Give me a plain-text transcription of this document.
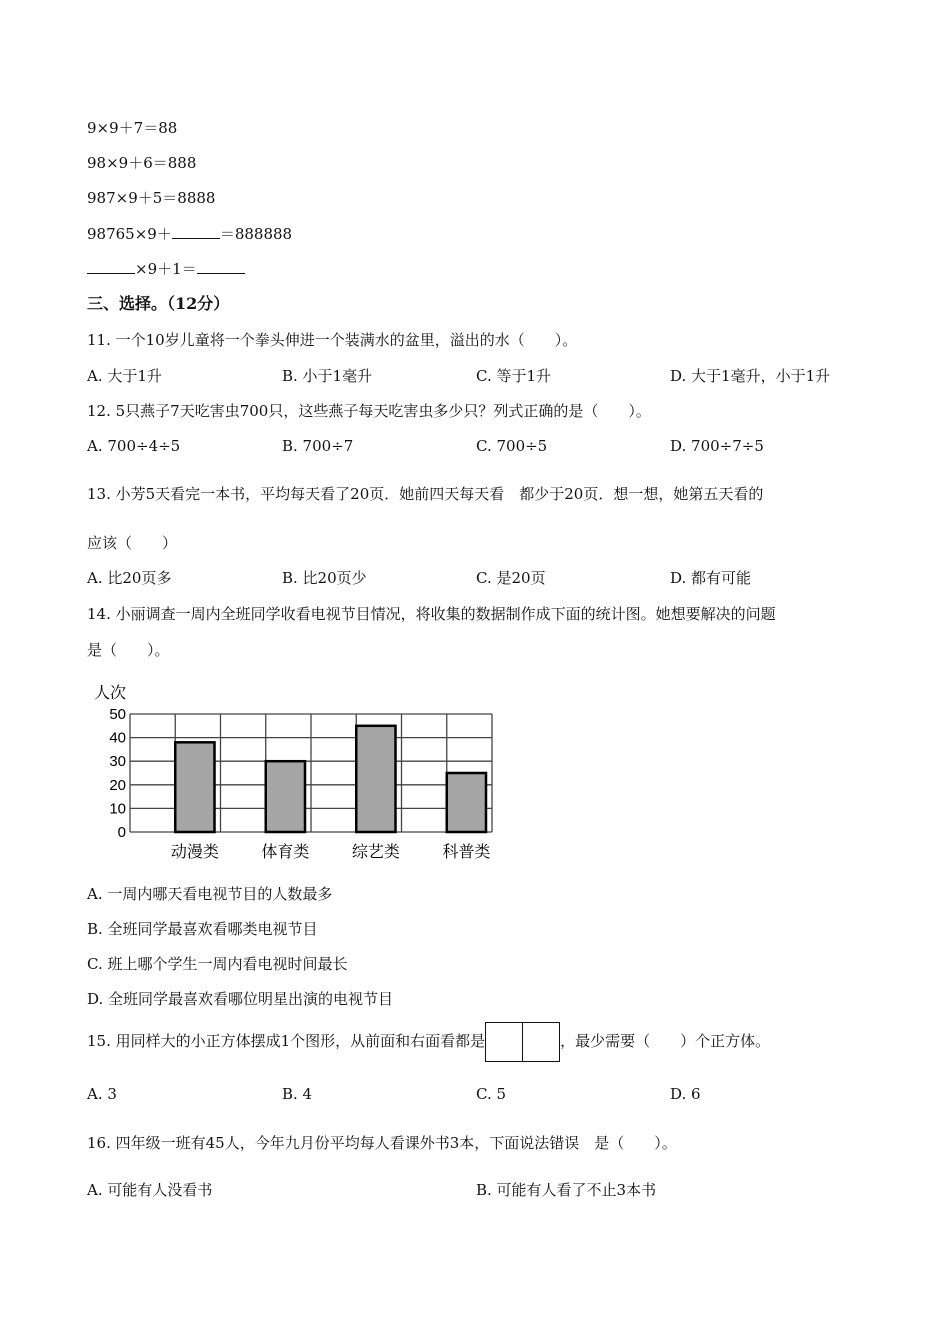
9×9＋7＝88
98×9＋6＝888
987×9＋5＝8888
98765×9＋	＝888888
×9＋1＝
三、选择。（12分）
11. 一个10岁儿童将一个拳头伸进一个装满水的盆里，溢出的水（　　）。
A. 大于1升	B. 小于1毫升	C. 等于1升	D. 大于1毫升，小于1升
12. 5只燕子7天吃害虫700只，这些燕子每天吃害虫多少只？列式正确的是（　　）。
A. 700÷4÷5	B. 700÷7	C. 700÷5	D. 700÷7÷5
13. 小芳5天看完一本书，平均每天看了20页．她前四天每天看　都少于20页．想一想，她第五天看的
应该（　　）
A. 比20页多	B. 比20页少	C. 是20页	D. 都有可能
14. 小丽调查一周内全班同学收看电视节目情况，将收集的数据制作成下面的统计图。她想要解决的问题
是（　　）。
人次
0
10
20
30
40
50
动漫类	体育类	综艺类	科普类
A. 一周内哪天看电视节目的人数最多
B. 全班同学最喜欢看哪类电视节目
C. 班上哪个学生一周内看电视时间最长
D. 全班同学最喜欢看哪位明星出演的电视节目
15. 用同样大的小正方体摆成1个图形，从前面和右面看都是	，最少需要（　　）个正方体。
A. 3	B. 4	C. 5	D. 6
16. 四年级一班有45人，今年九月份平均每人看课外书3本，下面说法错误　是（　　）。
A. 可能有人没看书	B. 可能有人看了不止3本书
